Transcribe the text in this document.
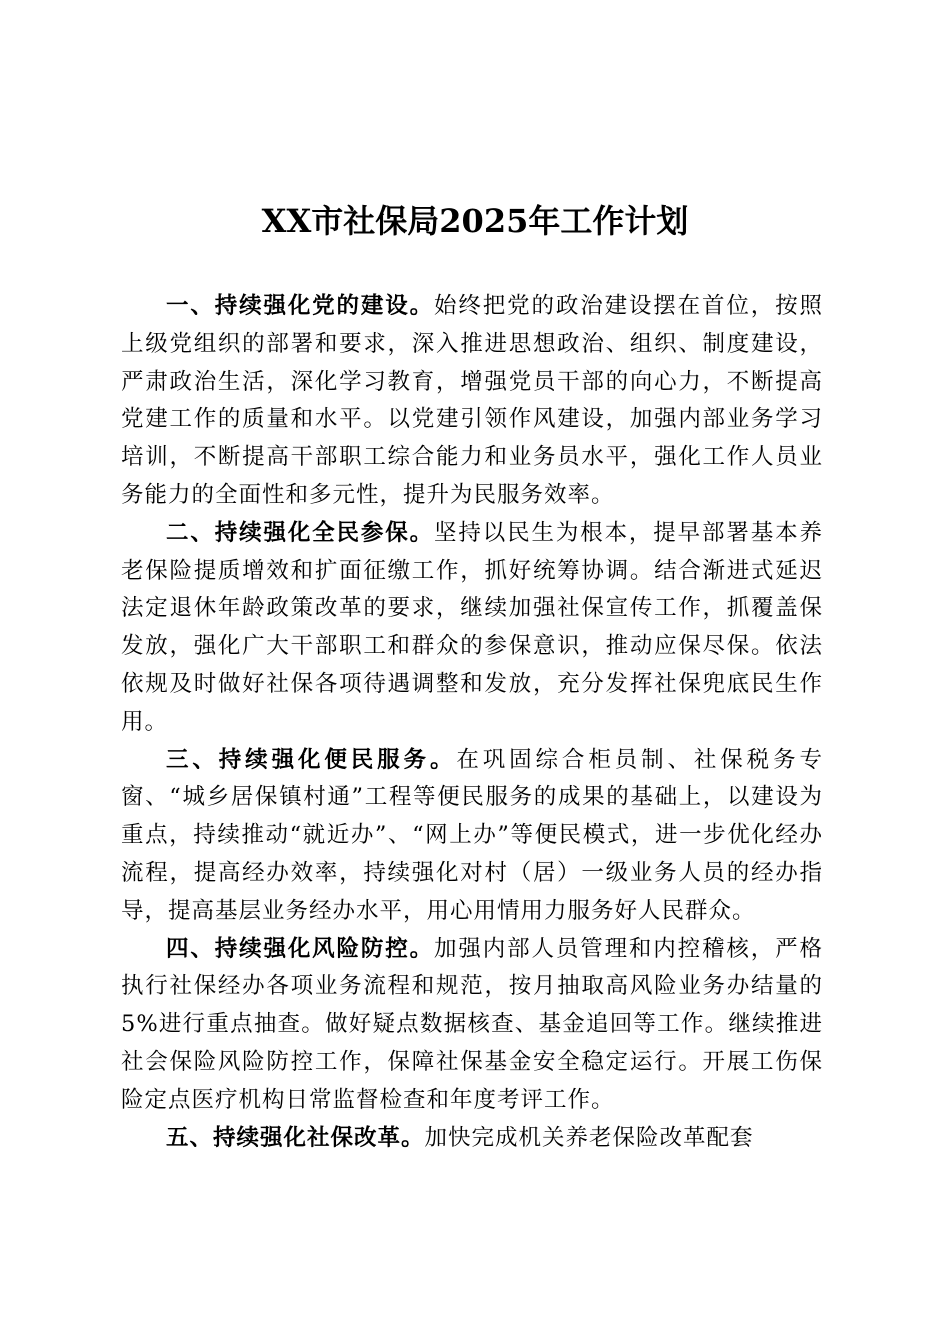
XX市社保局2025年工作计划

一、持续强化党的建设。始终把党的政治建设摆在首位，按照上级党组织的部署和要求，深入推进思想政治、组织、制度建设，严肃政治生活，深化学习教育，增强党员干部的向心力，不断提高党建工作的质量和水平。以党建引领作风建设，加强内部业务学习培训，不断提高干部职工综合能力和业务员水平，强化工作人员业务能力的全面性和多元性，提升为民服务效率。

二、持续强化全民参保。坚持以民生为根本，提早部署基本养老保险提质增效和扩面征缴工作，抓好统筹协调。结合渐进式延迟法定退休年龄政策改革的要求，继续加强社保宣传工作，抓覆盖保发放，强化广大干部职工和群众的参保意识，推动应保尽保。依法依规及时做好社保各项待遇调整和发放，充分发挥社保兜底民生作用。

三、持续强化便民服务。在巩固综合柜员制、社保税务专窗、“城乡居保镇村通”工程等便民服务的成果的基础上，以建设为重点，持续推动“就近办”、“网上办”等便民模式，进一步优化经办流程，提高经办效率，持续强化对村（居）一级业务人员的经办指导，提高基层业务经办水平，用心用情用力服务好人民群众。

四、持续强化风险防控。加强内部人员管理和内控稽核，严格执行社保经办各项业务流程和规范，按月抽取高风险业务办结量的5%进行重点抽查。做好疑点数据核查、基金追回等工作。继续推进社会保险风险防控工作，保障社保基金安全稳定运行。开展工伤保险定点医疗机构日常监督检查和年度考评工作。

五、持续强化社保改革。加快完成机关养老保险改革配套
